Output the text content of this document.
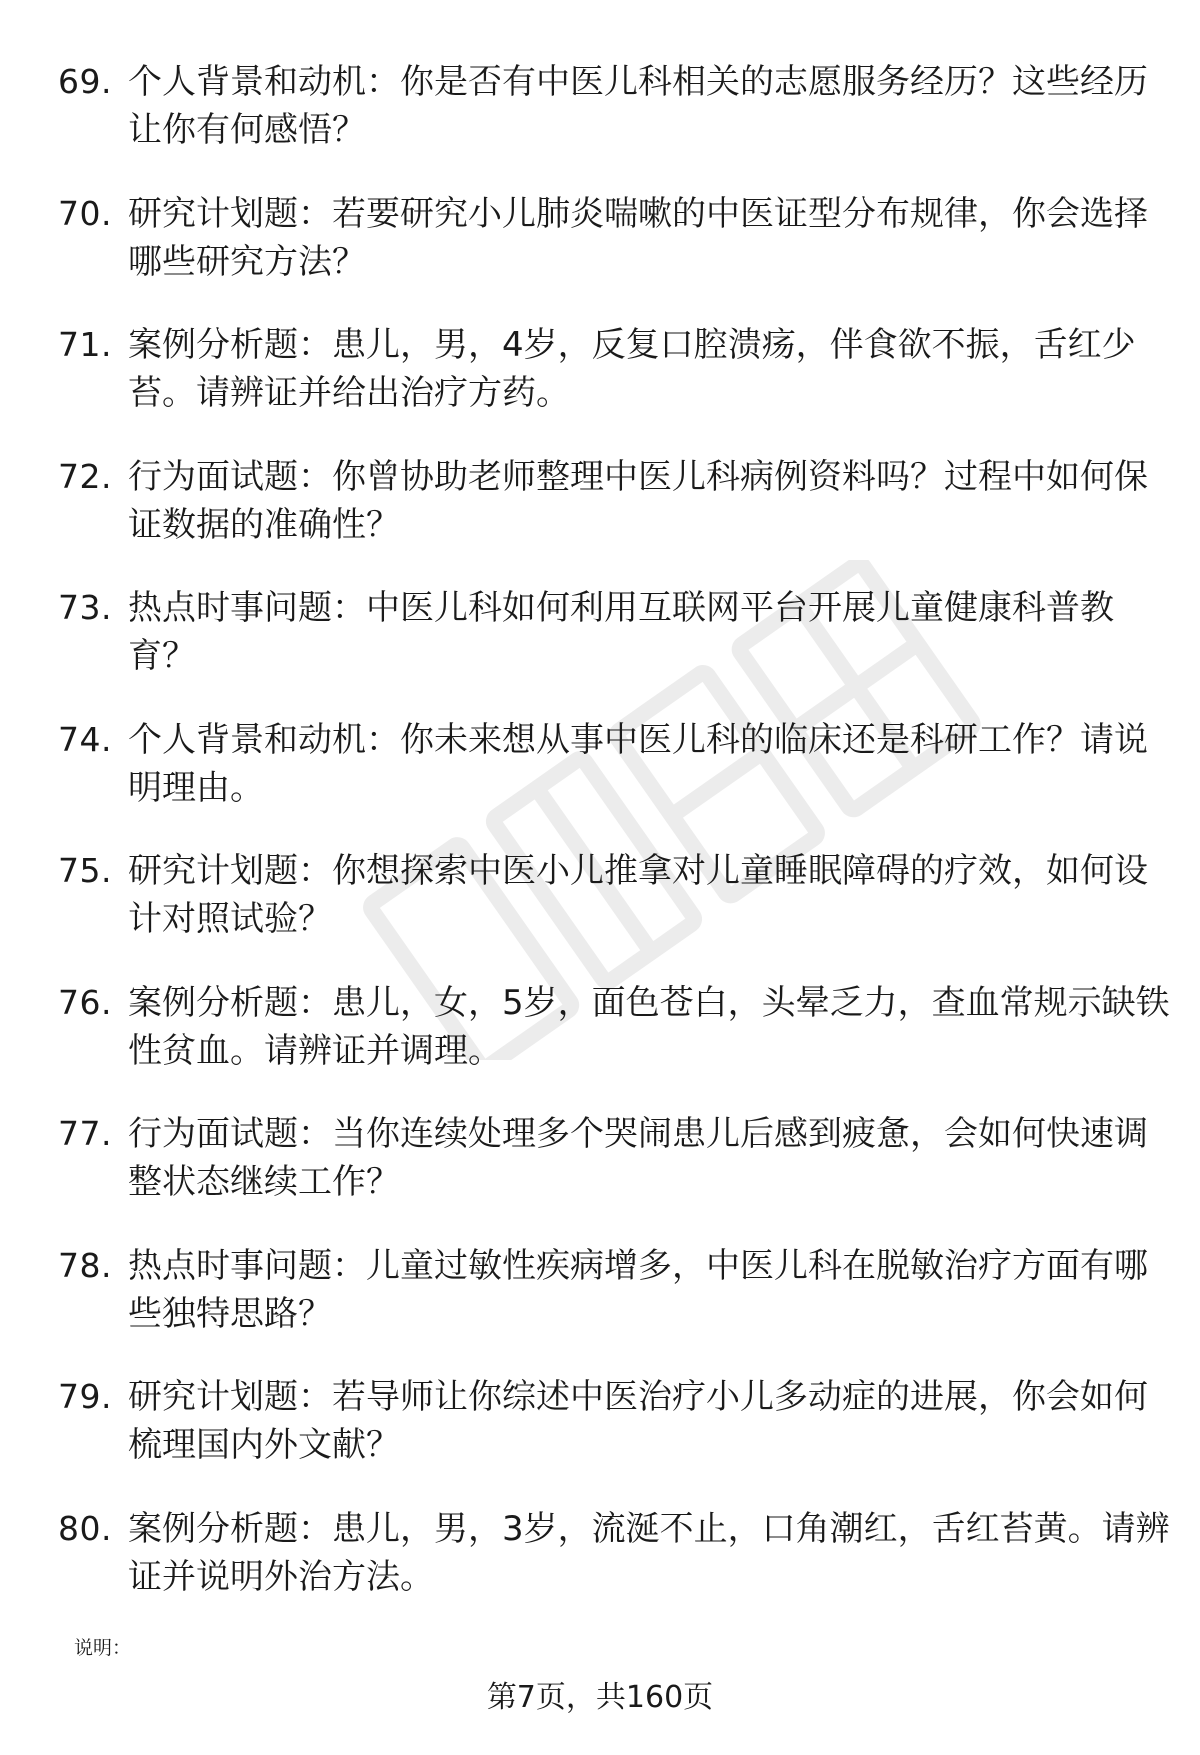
69. 个人背景和动机：你是否有中医儿科相关的志愿服务经历？这些经历让你有何感悟？
70. 研究计划题：若要研究小儿肺炎喘嗽的中医证型分布规律，你会选择哪些研究方法？
71. 案例分析题：患儿，男，4岁，反复口腔溃疡，伴食欲不振，舌红少苔。请辨证并给出治疗方药。
72. 行为面试题：你曾协助老师整理中医儿科病例资料吗？过程中如何保证数据的准确性？
73. 热点时事问题：中医儿科如何利用互联网平台开展儿童健康科普教育？
74. 个人背景和动机：你未来想从事中医儿科的临床还是科研工作？请说明理由。
75. 研究计划题：你想探索中医小儿推拿对儿童睡眠障碍的疗效，如何设计对照试验？
76. 案例分析题：患儿，女，5岁，面色苍白，头晕乏力，查血常规示缺铁性贫血。请辨证并调理。
77. 行为面试题：当你连续处理多个哭闹患儿后感到疲惫，会如何快速调整状态继续工作？
78. 热点时事问题：儿童过敏性疾病增多，中医儿科在脱敏治疗方面有哪些独特思路？
79. 研究计划题：若导师让你综述中医治疗小儿多动症的进展，你会如何梳理国内外文献？
80. 案例分析题：患儿，男，3岁，流涎不止，口角潮红，舌红苔黄。请辨证并说明外治方法。
说明：
第7页，共160页
